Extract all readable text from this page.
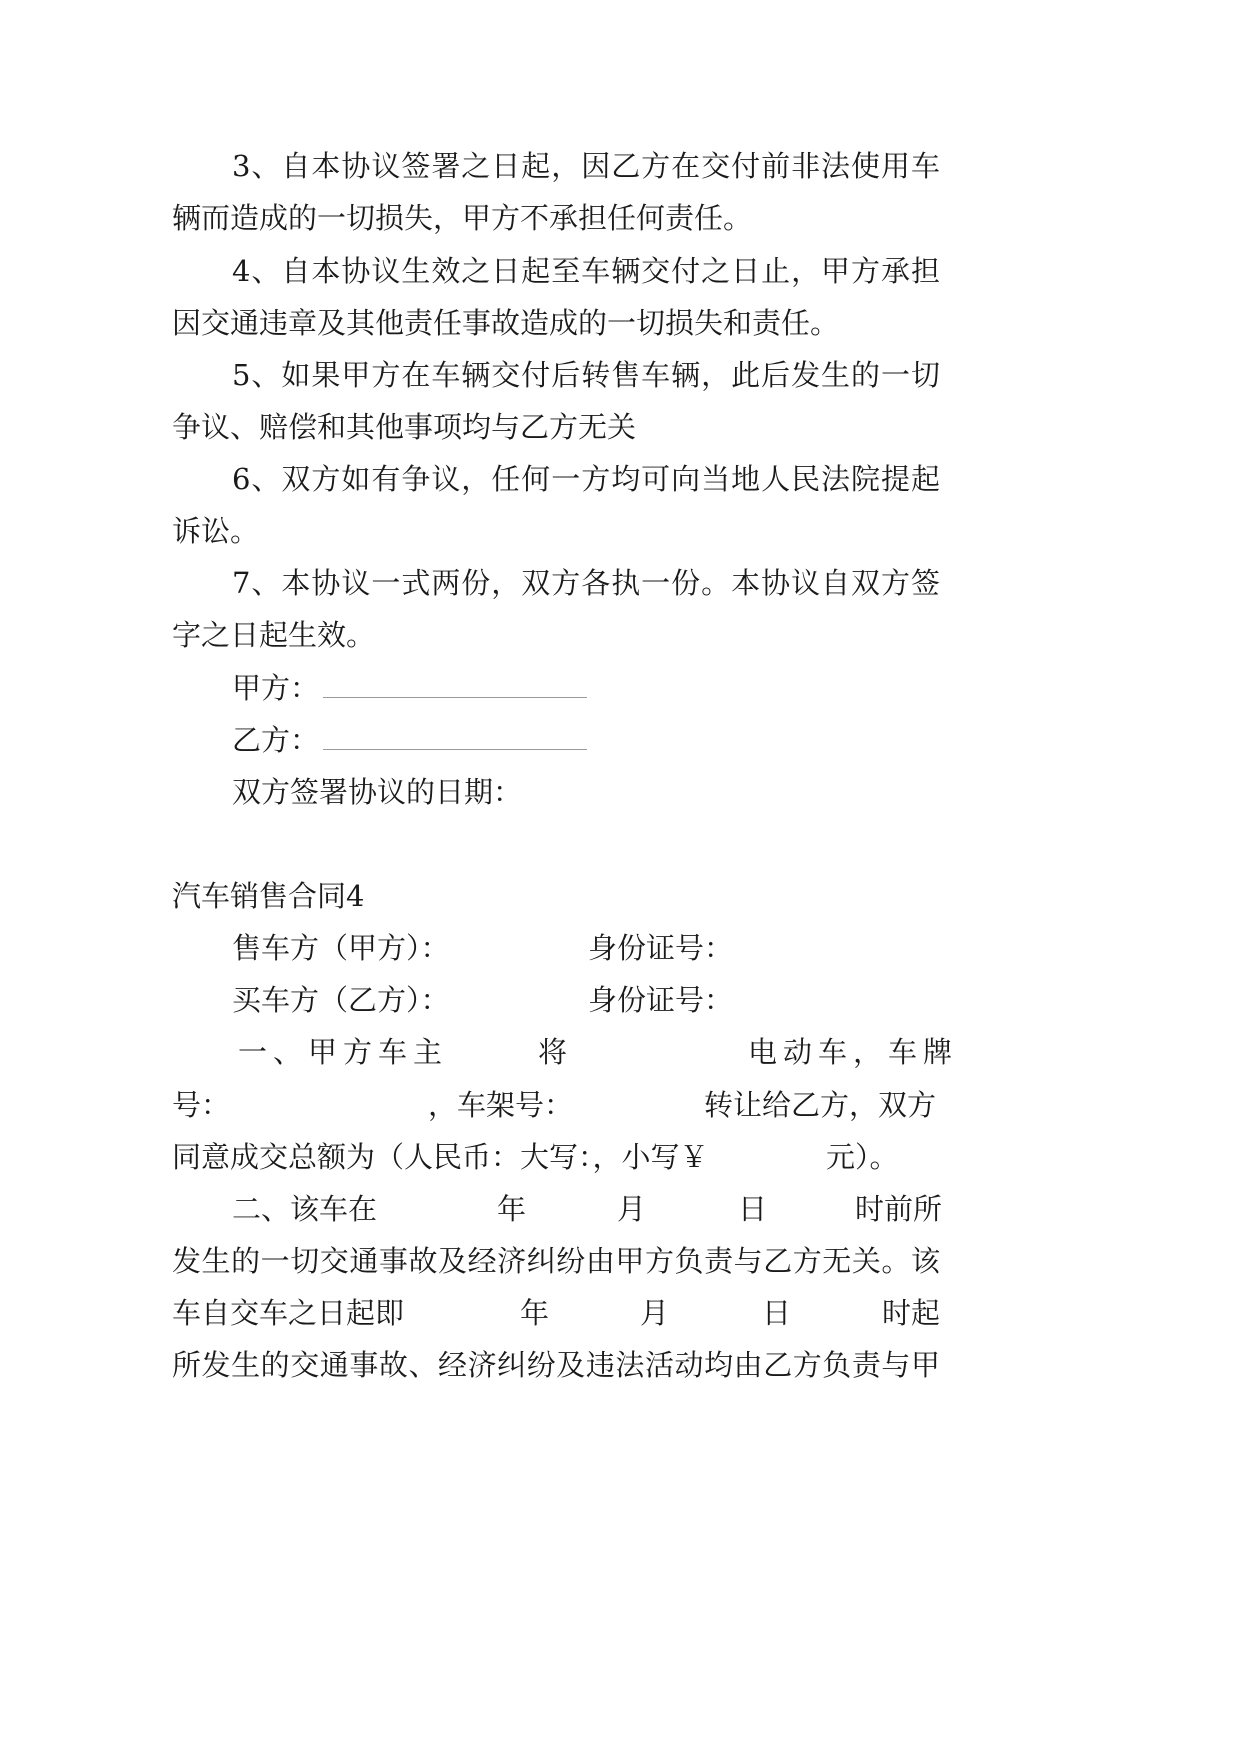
3、自本协议签署之日起，因乙方在交付前非法使用车
辆而造成的一切损失，甲方不承担任何责任。
4、自本协议生效之日起至车辆交付之日止，甲方承担
因交通违章及其他责任事故造成的一切损失和责任。
5、如果甲方在车辆交付后转售车辆，此后发生的一切
争议、赔偿和其他事项均与乙方无关
6、双方如有争议，任何一方均可向当地人民法院提起
诉讼。
7、本协议一式两份，双方各执一份。本协议自双方签
字之日起生效。
甲方：
乙方：
双方签署协议的日期：
汽车销售合同4
售车方（甲方）：	身份证号：
买车方（乙方）：	身份证号：
一、甲方车主	将	电动车，车牌
号：	，车架号：	转让给乙方，双方
同意成交总额为（人民币：大写：，小写￥	元）。
二、该车在	年	月	日	时前所
发生的一切交通事故及经济纠纷由甲方负责与乙方无关。该
车自交车之日起即	年	月	日	时起
所发生的交通事故、经济纠纷及违法活动均由乙方负责与甲
